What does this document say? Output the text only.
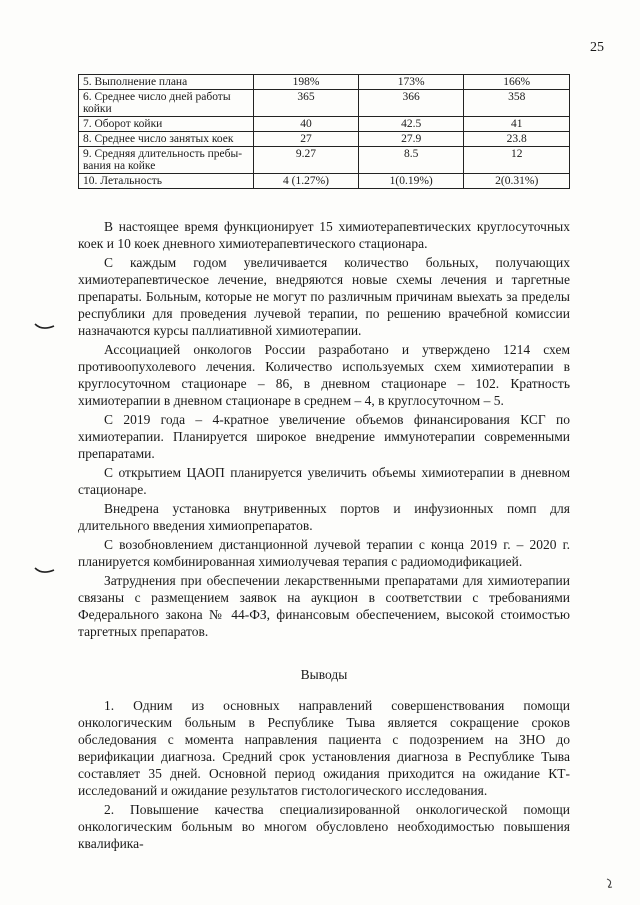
25
5. Выполнение плана	198%	173%	166%
6. Среднее число дней работы койки	365	366	358
7. Оборот койки	40	42.5	41
8. Среднее число занятых коек	27	27.9	23.8
9. Средняя длительность пребы-вания на койке	9.27	8.5	12
10. Летальность	4 (1.27%)	1(0.19%)	2(0.31%)

В настоящее время функционирует 15 химиотерапевтических круглосуточных коек и 10 коек дневного химиотерапевтического стационара.

С каждым годом увеличивается количество больных, получающих химиотерапевтическое лечение, внедряются новые схемы лечения и таргетные препараты. Больным, которые не могут по различным причинам выехать за пределы республики для проведения лучевой терапии, по решению врачебной комиссии назначаются курсы паллиативной химиотерапии.

Ассоциацией онкологов России разработано и утверждено 1214 схем противоопухолевого лечения. Количество используемых схем химиотерапии в круглосуточном стационаре – 86, в дневном стационаре – 102. Кратность химиотерапии в дневном стационаре в среднем – 4, в круглосуточном – 5.

С 2019 года – 4-кратное увеличение объемов финансирования КСГ по химиотерапии. Планируется широкое внедрение иммунотерапии современными препаратами.

С открытием ЦАОП планируется увеличить объемы химиотерапии в дневном стационаре.

Внедрена установка внутривенных портов и инфузионных помп для длительного введения химиопрепаратов.

С возобновлением дистанционной лучевой терапии с конца 2019 г. – 2020 г. планируется комбинированная химиолучевая терапия с радиомодификацией.

Затруднения при обеспечении лекарственными препаратами для химиотерапии связаны с размещением заявок на аукцион в соответствии с требованиями Федерального закона № 44-ФЗ, финансовым обеспечением, высокой стоимостью таргетных препаратов.

Выводы

1. Одним из основных направлений совершенствования помощи онкологическим больным в Республике Тыва является сокращение сроков обследования с момента направления пациента с подозрением на ЗНО до верификации диагноза. Средний срок установления диагноза в Республике Тыва составляет 35 дней. Основной период ожидания приходится на ожидание КТ-исследований и ожидание результатов гистологического исследования.

2. Повышение качества специализированной онкологической помощи онкологическим больным во многом обусловлено необходимостью повышения квалифика-
